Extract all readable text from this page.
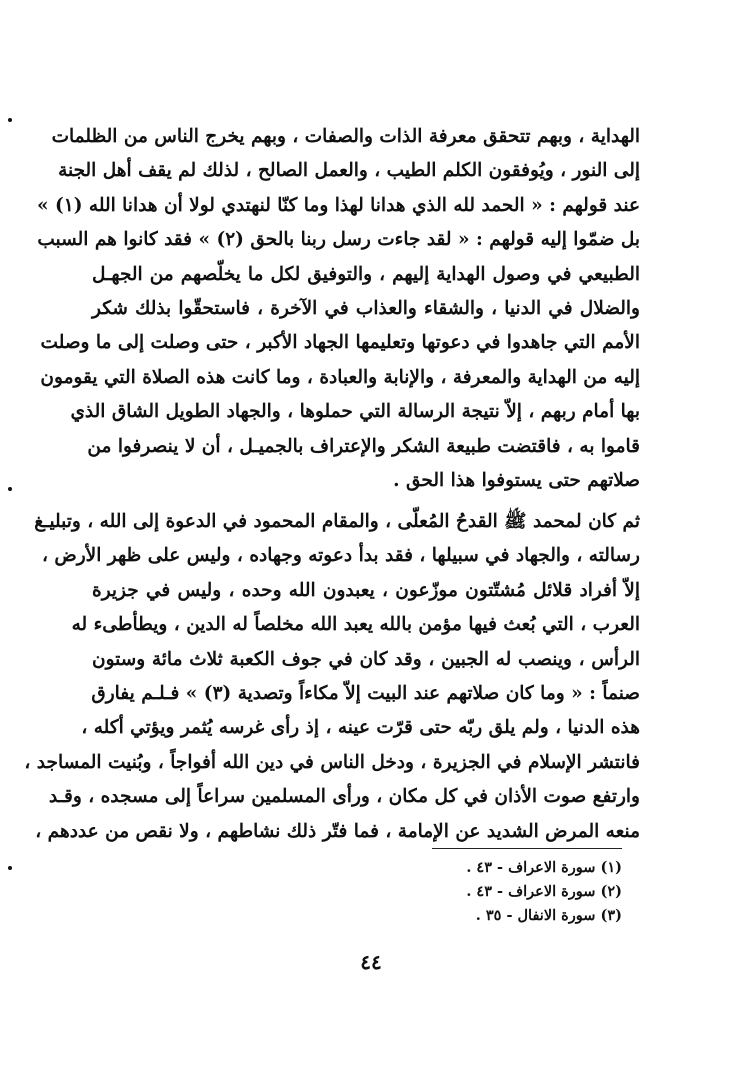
الهداية ، وبهم تتحقق معرفة الذات والصفات ، وبهم يخرج الناس من الظلمات
إلى النور ، ويُوفقون الكلم الطيب ، والعمل الصالح ، لذلك لم يقف أهل الجنة
عند قولهم : « الحمد لله الذي هدانا لهذا وما كنّا لنهتدي لولا أن هدانا الله (١) »
بل ضمّوا إليه قولهم : « لقد جاءت رسل ربنا بالحق (٢) » فقد كانوا هم السبب
الطبيعي في وصول الهداية إليهم ، والتوفيق لكل ما يخلّصهم من الجهـل
والضلال في الدنيا ، والشقاء والعذاب في الآخرة ، فاستحقّوا بذلك شكر
الأمم التي جاهدوا في دعوتها وتعليمها الجهاد الأكبر ، حتى وصلت إلى ما وصلت
إليه من الهداية والمعرفة ، والإنابة والعبادة ، وما كانت هذه الصلاة التي يقومون
بها أمام ربهم ، إلاّ نتيجة الرسالة التي حملوها ، والجهاد الطويل الشاق الذي
قاموا به ، فاقتضت طبيعة الشكر والإعتراف بالجميـل ، أن لا ينصرفوا من
صلاتهم حتى يستوفوا هذا الحق .
ثم كان لمحمد ﷺ القدحُ المُعلّى ، والمقام المحمود في الدعوة إلى الله ، وتبليـغ
رسالته ، والجهاد في سبيلها ، فقد بدأ دعوته وجهاده ، وليس على ظهر الأرض ،
إلاّ أفراد قلائل مُشتّتون موزّعون ، يعبدون الله وحده ، وليس في جزيرة
العرب ، التي بُعث فيها مؤمن بالله يعبد الله مخلصاً له الدين ، ويطأطىء له
الرأس ، وينصب له الجبين ، وقد كان في جوف الكعبة ثلاث مائة وستون
صنماً : « وما كان صلاتهم عند البيت إلاّ مكاءاً وتصدية (٣) » فـلـم يفارق
هذه الدنيا ، ولم يلق ربّه حتى قرّت عينه ، إذ رأى غرسه يُثمر ويؤتي أكله ،
فانتشر الإسلام في الجزيرة ، ودخل الناس في دين الله أفواجاً ، وبُنيت المساجد ،
وارتفع صوت الأذان في كل مكان ، ورأى المسلمين سراعاً إلى مسجده ، وقـد
منعه المرض الشديد عن الإمامة ، فما فتّر ذلك نشاطهم ، ولا نقص من عددهم ،
(١) سورة الاعراف - ٤٣ .
(٢) سورة الاعراف - ٤٣ .
(٣) سورة الانفال - ٣٥ .
٤٤
